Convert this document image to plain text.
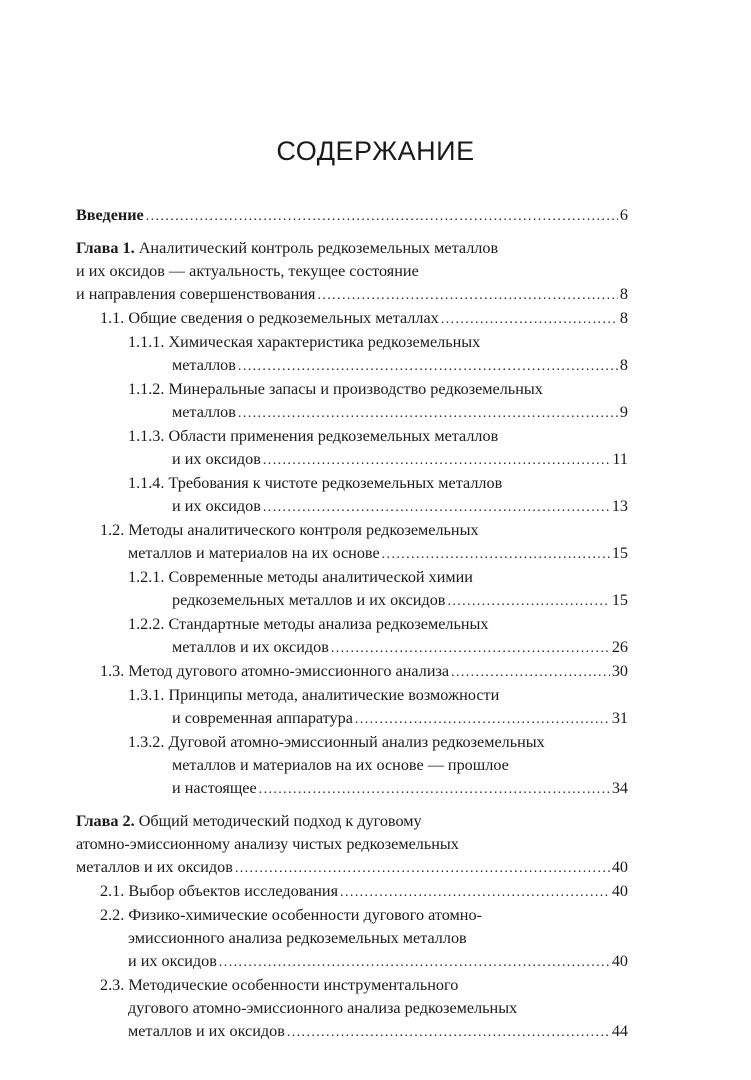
СОДЕРЖАНИЕ
Введение .....	6
Глава 1. Аналитический контроль редкоземельных металлов
и их оксидов — актуальность, текущее состояние
и направления совершенствования .....	8
1.1. Общие сведения о редкоземельных металлах .....	8
1.1.1. Химическая характеристика редкоземельных
металлов .....	8
1.1.2. Минеральные запасы и производство редкоземельных
металлов .....	9
1.1.3. Области применения редкоземельных металлов
и их оксидов .....	11
1.1.4. Требования к чистоте редкоземельных металлов
и их оксидов .....	13
1.2. Методы аналитического контроля редкоземельных
металлов и материалов на их основе .....	15
1.2.1. Современные методы аналитической химии
редкоземельных металлов и их оксидов .....	15
1.2.2. Стандартные методы анализа редкоземельных
металлов и их оксидов .....	26
1.3. Метод дугового атомно-эмиссионного анализа .....	30
1.3.1. Принципы метода, аналитические возможности
и современная аппаратура .....	31
1.3.2. Дуговой атомно-эмиссионный анализ редкоземельных
металлов и материалов на их основе — прошлое
и настоящее .....	34
Глава 2. Общий методический подход к дуговому
атомно-эмиссионному анализу чистых редкоземельных
металлов и их оксидов .....	40
2.1. Выбор объектов исследования .....	40
2.2. Физико-химические особенности дугового атомно-
эмиссионного анализа редкоземельных металлов
и их оксидов .....	40
2.3. Методические особенности инструментального
дугового атомно-эмиссионного анализа редкоземельных
металлов и их оксидов .....	44
